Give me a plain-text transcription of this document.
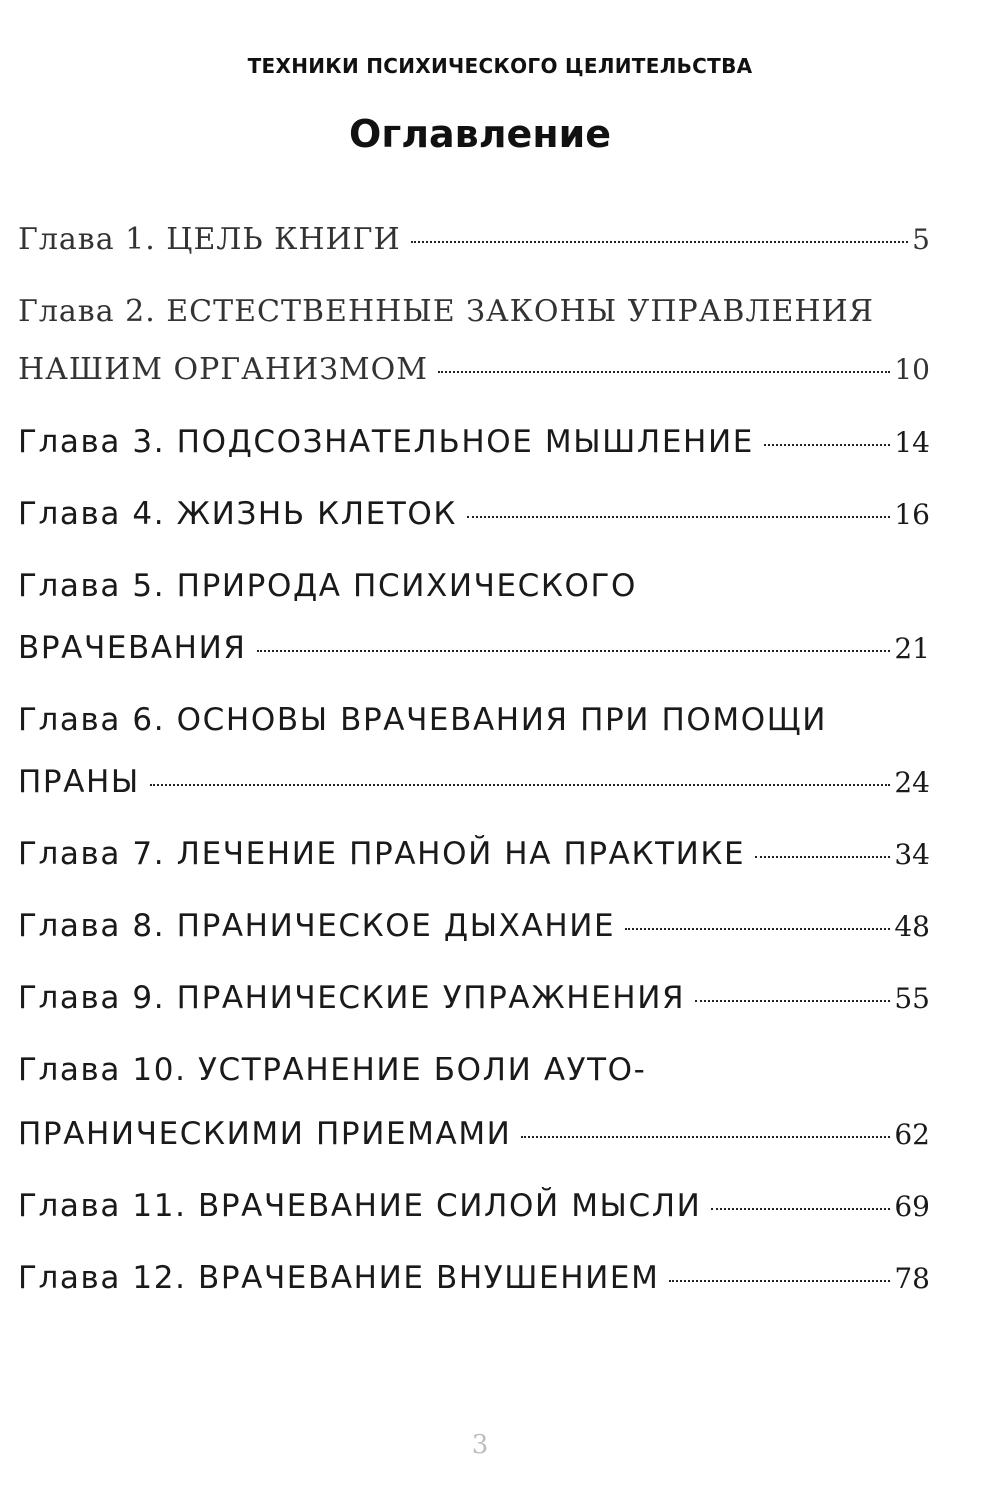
ТЕХНИКИ ПСИХИЧЕСКОГО ЦЕЛИТЕЛЬСТВА
Оглавление
Глава 1. ЦЕЛЬ КНИГИ	5
Глава 2. ЕСТЕСТВЕННЫЕ ЗАКОНЫ УПРАВЛЕНИЯ
НАШИМ ОРГАНИЗМОМ	10
Глава 3. ПОДСОЗНАТЕЛЬНОЕ МЫШЛЕНИЕ	14
Глава 4. ЖИЗНЬ КЛЕТОК	16
Глава 5. ПРИРОДА ПСИХИЧЕСКОГО
ВРАЧЕВАНИЯ	21
Глава 6. ОСНОВЫ ВРАЧЕВАНИЯ ПРИ ПОМОЩИ
ПРАНЫ	24
Глава 7. ЛЕЧЕНИЕ ПРАНОЙ НА ПРАКТИКЕ	34
Глава 8. ПРАНИЧЕСКОЕ ДЫХАНИЕ	48
Глава 9. ПРАНИЧЕСКИЕ УПРАЖНЕНИЯ	55
Глава 10. УСТРАНЕНИЕ БОЛИ АУТО-
ПРАНИЧЕСКИМИ ПРИЕМАМИ	62
Глава 11. ВРАЧЕВАНИЕ СИЛОЙ МЫСЛИ	69
Глава 12. ВРАЧЕВАНИЕ ВНУШЕНИЕМ	78
3
